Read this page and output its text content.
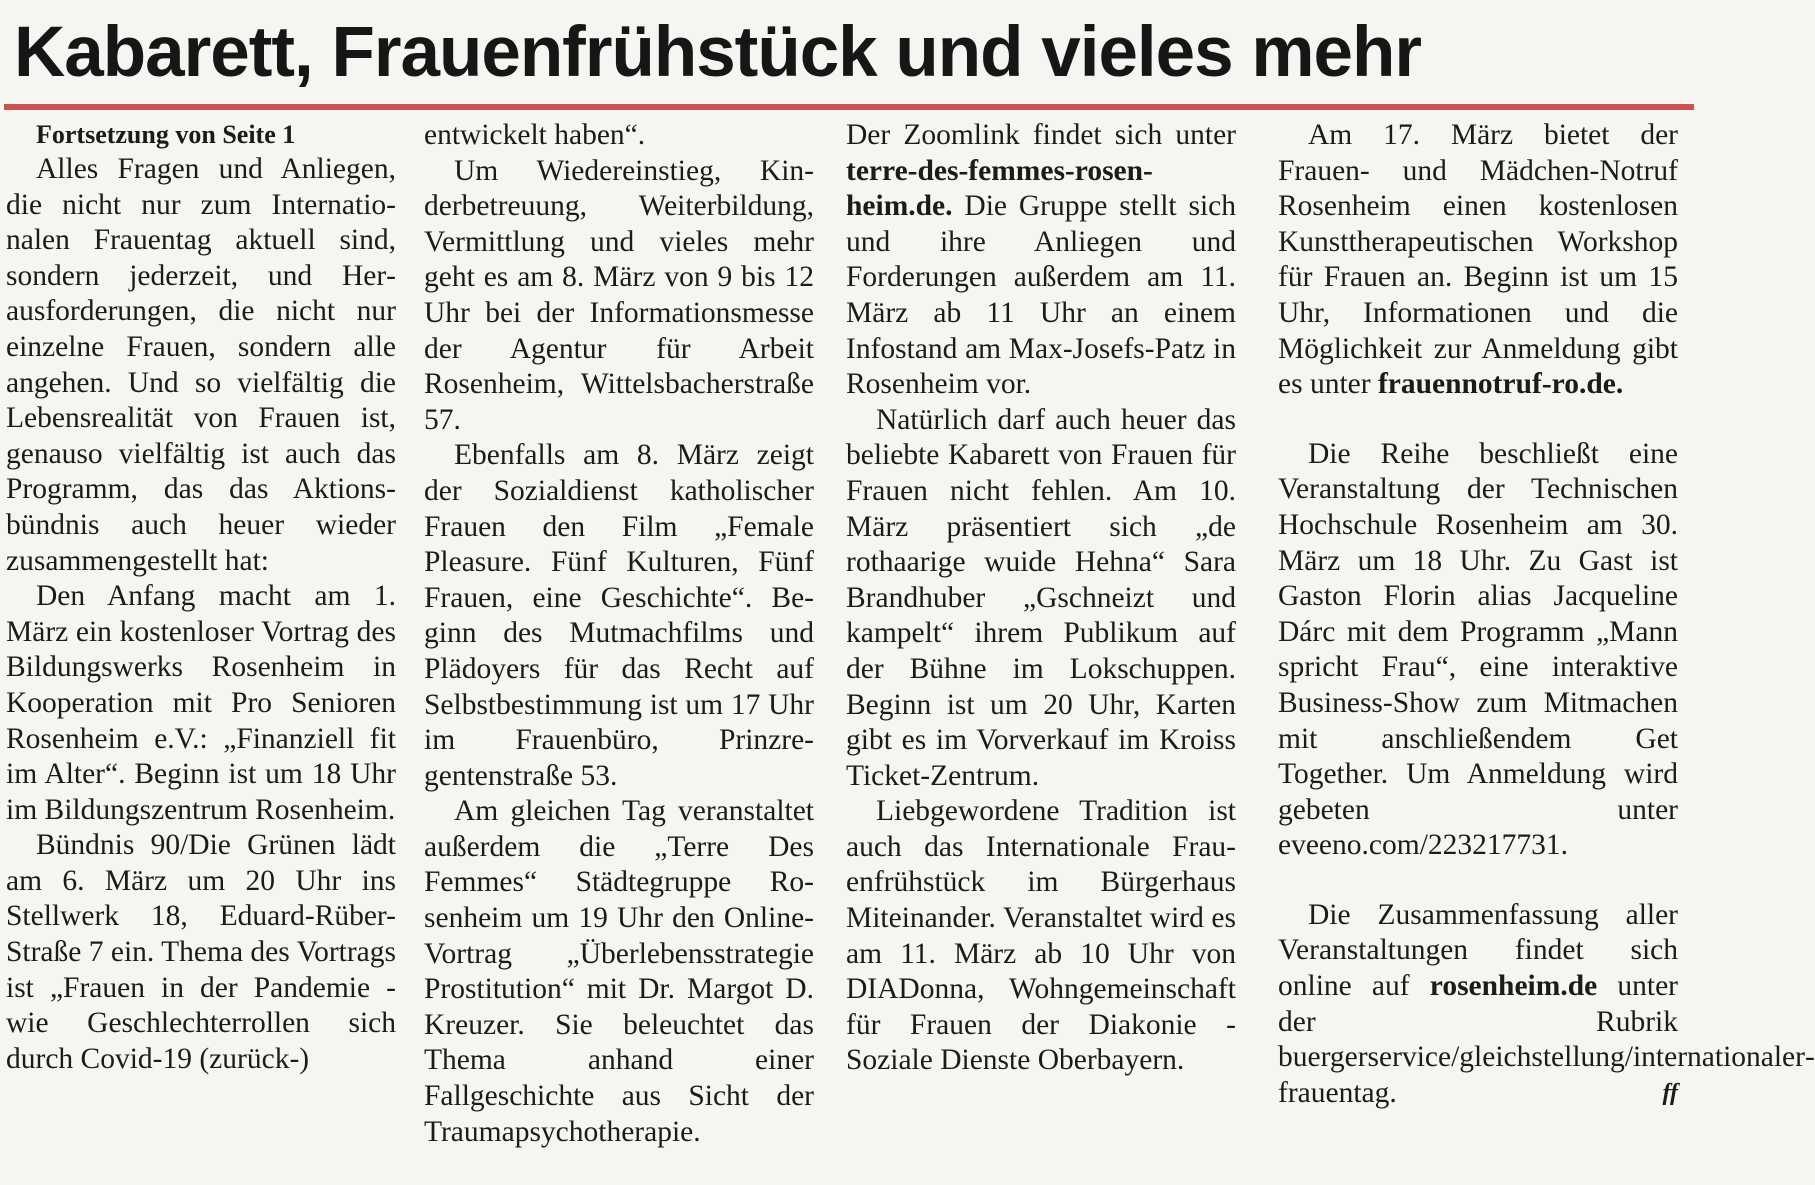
Kabarett, Frauenfrühstück und vieles mehr

Fortsetzung von Seite 1

Alles Fragen und Anliegen, die nicht nur zum Internationalen Frauentag aktuell sind, sondern jederzeit, und Herausforderungen, die nicht nur einzelne Frauen, sondern alle angehen. Und so vielfältig die Lebensrealität von Frauen ist, genauso vielfältig ist auch das Programm, das das Aktionsbündnis auch heuer wieder zusammengestellt hat:

Den Anfang macht am 1. März ein kostenloser Vortrag des Bildungswerks Rosenheim in Kooperation mit Pro Senioren Rosenheim e.V.: „Finanziell fit im Alter“. Beginn ist um 18 Uhr im Bildungszentrum Rosenheim.

Bündnis 90/Die Grünen lädt am 6. März um 20 Uhr ins Stellwerk 18, Eduard-Rüber-Straße 7 ein. Thema des Vortrags ist „Frauen in der Pandemie - wie Geschlechterrollen sich durch Covid-19 (zurück-)

entwickelt haben“.

Um Wiedereinstieg, Kinderbetreuung, Weiterbildung, Vermittlung und vieles mehr geht es am 8. März von 9 bis 12 Uhr bei der Informationsmesse der Agentur für Arbeit Rosenheim, Wittelsbacherstraße 57.

Ebenfalls am 8. März zeigt der Sozialdienst katholischer Frauen den Film „Female Pleasure. Fünf Kulturen, Fünf Frauen, eine Geschichte“. Beginn des Mutmachfilms und Plädoyers für das Recht auf Selbstbestimmung ist um 17 Uhr im Frauenbüro, Prinzregentenstraße 53.

Am gleichen Tag veranstaltet außerdem die „Terre Des Femmes“ Städtegruppe Rosenheim um 19 Uhr den Online-Vortrag „Überlebensstrategie Prostitution“ mit Dr. Margot D. Kreuzer. Sie beleuchtet das Thema anhand einer Fallgeschichte aus Sicht der Traumapsychotherapie.

Der Zoomlink findet sich unter terre-des-femmes-rosenheim.de. Die Gruppe stellt sich und ihre Anliegen und Forderungen außerdem am 11. März ab 11 Uhr an einem Infostand am Max-Josefs-Patz in Rosenheim vor.

Natürlich darf auch heuer das beliebte Kabarett von Frauen für Frauen nicht fehlen. Am 10. März präsentiert sich „de rothaarige wuide Hehna“ Sara Brandhuber „Gschneizt und kampelt“ ihrem Publikum auf der Bühne im Lokschuppen. Beginn ist um 20 Uhr, Karten gibt es im Vorverkauf im Kroiss Ticket-Zentrum.

Liebgewordene Tradition ist auch das Internationale Frauenfrühstück im Bürgerhaus Miteinander. Veranstaltet wird es am 11. März ab 10 Uhr von DIADonna, Wohngemeinschaft für Frauen der Diakonie - Soziale Dienste Oberbayern.

Am 17. März bietet der Frauen- und Mädchen-Notruf Rosenheim einen kostenlosen Kunsttherapeutischen Workshop für Frauen an. Beginn ist um 15 Uhr, Informationen und die Möglichkeit zur Anmeldung gibt es unter frauennotruf-ro.de.

Die Reihe beschließt eine Veranstaltung der Technischen Hochschule Rosenheim am 30. März um 18 Uhr. Zu Gast ist Gaston Florin alias Jacqueline Dárc mit dem Programm „Mann spricht Frau“, eine interaktive Business-Show zum Mitmachen mit anschließendem Get Together. Um Anmeldung wird gebeten unter eveeno.com/223217731.

Die Zusammenfassung aller Veranstaltungen findet sich online auf rosenheim.de unter der Rubrik buergerservice/gleichstellung/internationalerfrauentag.	ff
